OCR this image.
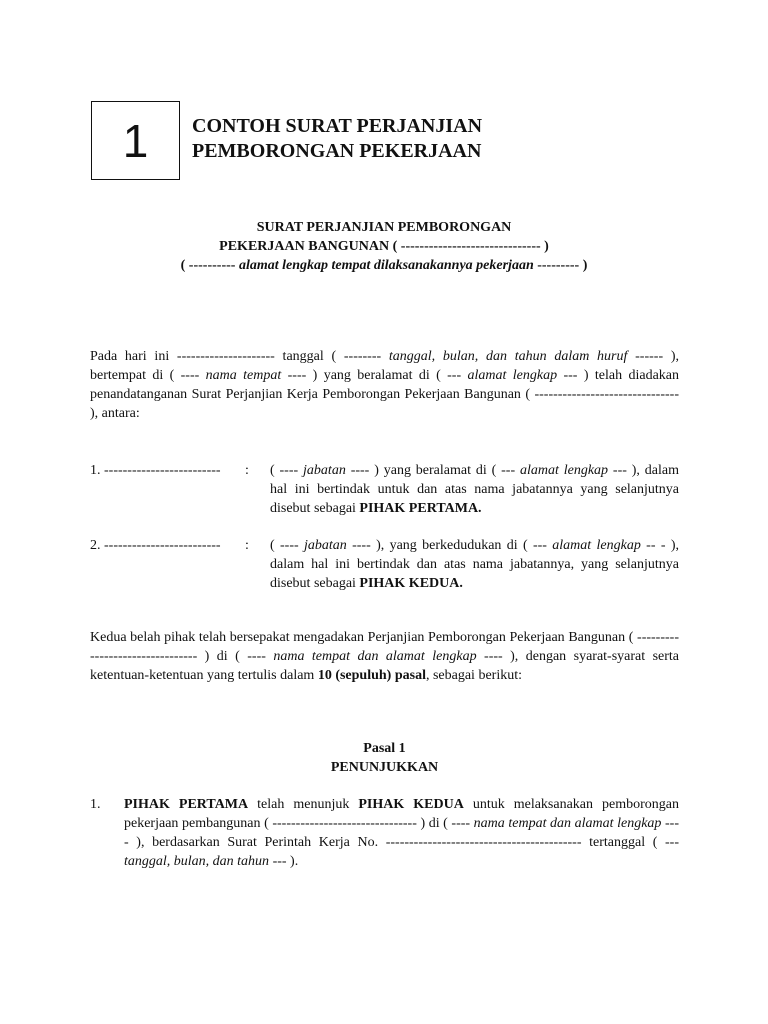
1 CONTOH SURAT PERJANJIAN
PEMBORONGAN PEKERJAAN
SURAT PERJANJIAN PEMBORONGAN
PEKERJAAN BANGUNAN ( ------------------------------ )
( ---------- alamat lengkap tempat dilaksanakannya pekerjaan --------- )
Pada hari ini --------------------- tanggal ( -------- tanggal, bulan, dan tahun dalam huruf ------ ), bertempat di ( ---- nama tempat ---- ) yang beralamat di ( --- alamat lengkap --- ) telah diadakan penandatanganan Surat Perjanjian Kerja Pemborongan Pekerjaan Bangunan ( ------------------------------- ), antara:
1. ------------------------- : ( ---- jabatan ---- ) yang beralamat di ( --- alamat lengkap --- ), dalam hal ini bertindak untuk dan atas nama jabatannya yang selanjutnya disebut sebagai PIHAK PERTAMA.
2. ------------------------- : ( ---- jabatan ---- ), yang berkedudukan di ( --- alamat lengkap -- - ), dalam hal ini bertindak dan atas nama jabatannya, yang selanjutnya disebut sebagai PIHAK KEDUA.
Kedua belah pihak telah bersepakat mengadakan Perjanjian Pemborongan Pekerjaan Bangunan ( -------------------------------- ) di ( ---- nama tempat dan alamat lengkap ---- ), dengan syarat-syarat serta ketentuan-ketentuan yang tertulis dalam 10 (sepuluh) pasal, sebagai berikut:
Pasal 1
PENUNJUKKAN
1. PIHAK PERTAMA telah menunjuk PIHAK KEDUA untuk melaksanakan pemborongan pekerjaan pembangunan ( ------------------------------- ) di ( ---- nama tempat dan alamat lengkap ---- ), berdasarkan Surat Perintah Kerja No. ------------------------------------------ tertanggal ( --- tanggal, bulan, dan tahun --- ).
